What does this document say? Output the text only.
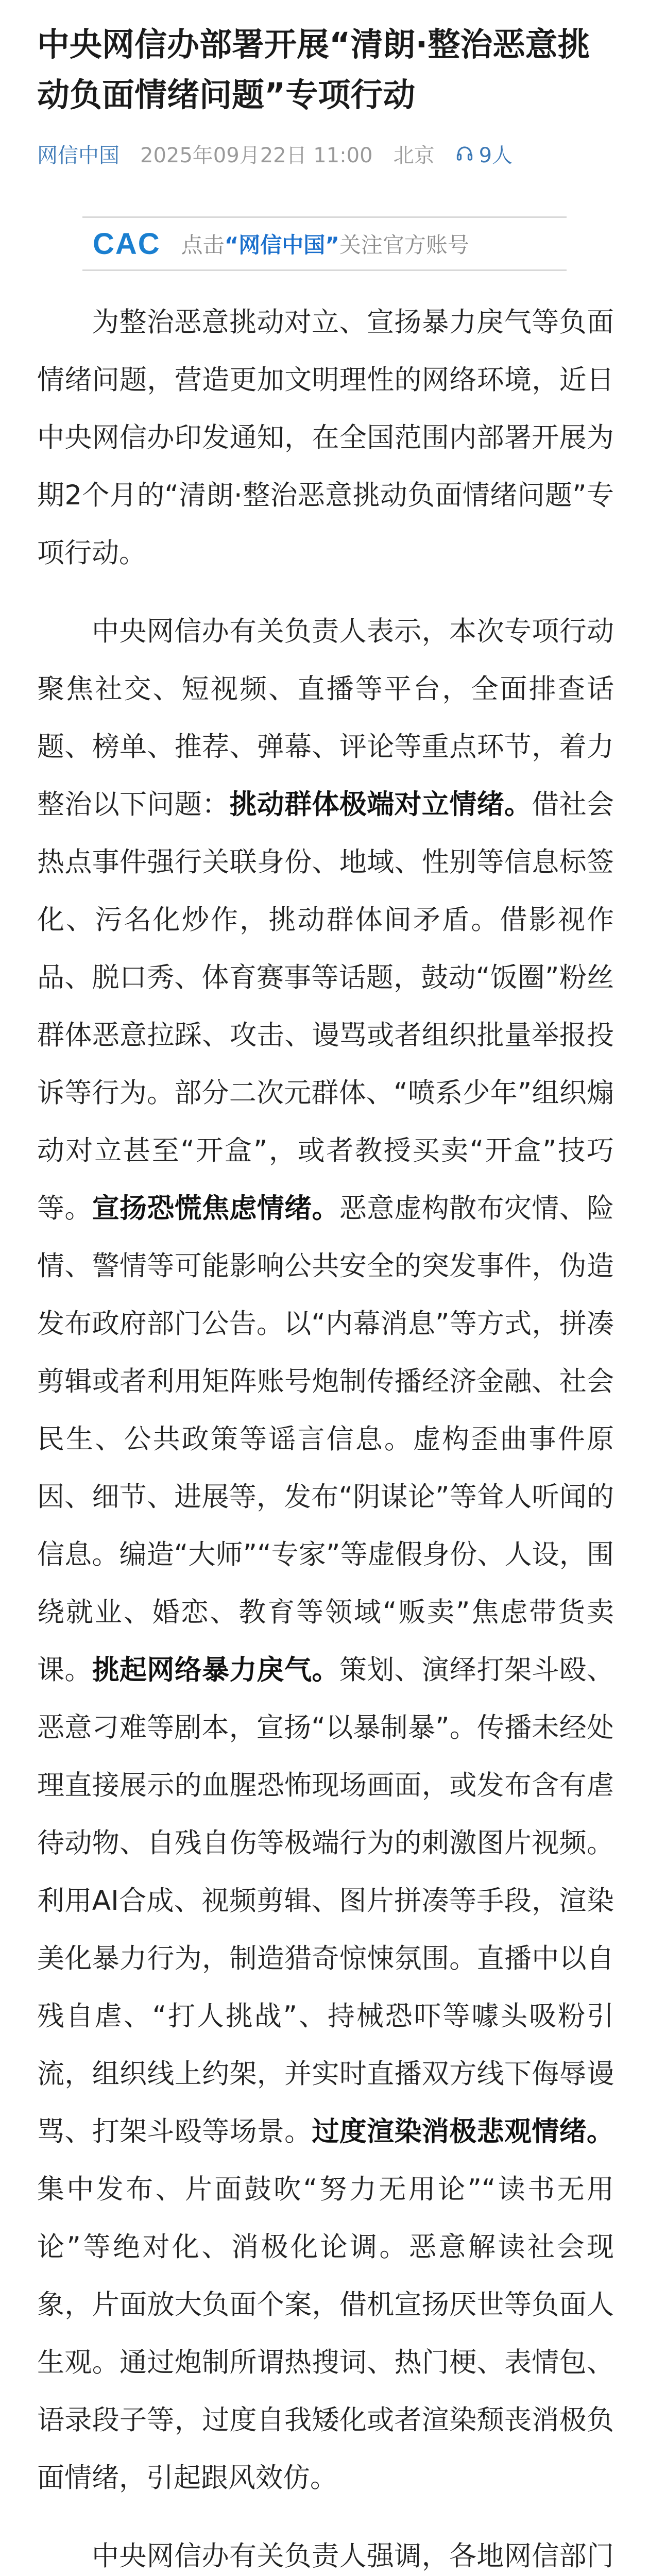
中央网信办部署开展“清朗·整治恶意挑动负面情绪问题”专项行动
网信中国 2025年09月22日 11:00 北京 9人
CAC 点击“网信中国”关注官方账号

为整治恶意挑动对立、宣扬暴力戾气等负面情绪问题，营造更加文明理性的网络环境，近日中央网信办印发通知，在全国范围内部署开展为期2个月的“清朗·整治恶意挑动负面情绪问题”专项行动。

中央网信办有关负责人表示，本次专项行动聚焦社交、短视频、直播等平台，全面排查话题、榜单、推荐、弹幕、评论等重点环节，着力整治以下问题：挑动群体极端对立情绪。借社会热点事件强行关联身份、地域、性别等信息标签化、污名化炒作，挑动群体间矛盾。借影视作品、脱口秀、体育赛事等话题，鼓动“饭圈”粉丝群体恶意拉踩、攻击、谩骂或者组织批量举报投诉等行为。部分二次元群体、“喷系少年”组织煽动对立甚至“开盒”，或者教授买卖“开盒”技巧等。宣扬恐慌焦虑情绪。恶意虚构散布灾情、险情、警情等可能影响公共安全的突发事件，伪造发布政府部门公告。以“内幕消息”等方式，拼凑剪辑或者利用矩阵账号炮制传播经济金融、社会民生、公共政策等谣言信息。虚构歪曲事件原因、细节、进展等，发布“阴谋论”等耸人听闻的信息。编造“大师”“专家”等虚假身份、人设，围绕就业、婚恋、教育等领域“贩卖”焦虑带货卖课。挑起网络暴力戾气。策划、演绎打架斗殴、恶意刁难等剧本，宣扬“以暴制暴”。传播未经处理直接展示的血腥恐怖现场画面，或发布含有虐待动物、自残自伤等极端行为的刺激图片视频。利用AI合成、视频剪辑、图片拼凑等手段，渲染美化暴力行为，制造猎奇惊悚氛围。直播中以自残自虐、“打人挑战”、持械恐吓等噱头吸粉引流，组织线上约架，并实时直播双方线下侮辱谩骂、打架斗殴等场景。过度渲染消极悲观情绪。集中发布、片面鼓吹“努力无用论”“读书无用论”等绝对化、消极化论调。恶意解读社会现象，片面放大负面个案，借机宣扬厌世等负面人生观。通过炮制所谓热搜词、热门梗、表情包、语录段子等，过度自我矮化或者渲染颓丧消极负面情绪，引起跟风效仿。

中央网信办有关负责人强调，各地网信部门
